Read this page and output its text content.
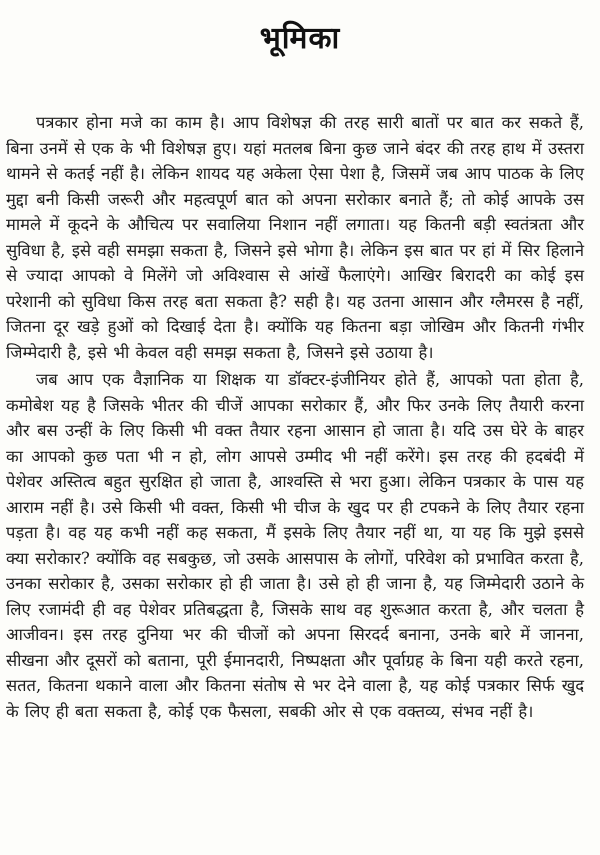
भूमिका

पत्रकार होना मजे का काम है। आप विशेषज्ञ की तरह सारी बातों पर बात कर सकते हैं, बिना उनमें से एक के भी विशेषज्ञ हुए। यहां मतलब बिना कुछ जाने बंदर की तरह हाथ में उस्तरा थामने से कतई नहीं है। लेकिन शायद यह अकेला ऐसा पेशा है, जिसमें जब आप पाठक के लिए मुद्दा बनी किसी जरूरी और महत्वपूर्ण बात को अपना सरोकार बनाते हैं; तो कोई आपके उस मामले में कूदने के औचित्य पर सवालिया निशान नहीं लगाता। यह कितनी बड़ी स्वतंत्रता और सुविधा है, इसे वही समझा सकता है, जिसने इसे भोगा है। लेकिन इस बात पर हां में सिर हिलाने से ज्यादा आपको वे मिलेंगे जो अविश्वास से आंखें फैलाएंगे। आखिर बिरादरी का कोई इस परेशानी को सुविधा किस तरह बता सकता है? सही है। यह उतना आसान और ग्लैमरस है नहीं, जितना दूर खड़े हुओं को दिखाई देता है। क्योंकि यह कितना बड़ा जोखिम और कितनी गंभीर जिम्मेदारी है, इसे भी केवल वही समझ सकता है, जिसने इसे उठाया है।

जब आप एक वैज्ञानिक या शिक्षक या डॉक्टर-इंजीनियर होते हैं, आपको पता होता है, कमोबेश यह है जिसके भीतर की चीजें आपका सरोकार हैं, और फिर उनके लिए तैयारी करना और बस उन्हीं के लिए किसी भी वक्त तैयार रहना आसान हो जाता है। यदि उस घेरे के बाहर का आपको कुछ पता भी न हो, लोग आपसे उम्मीद भी नहीं करेंगे। इस तरह की हदबंदी में पेशेवर अस्तित्व बहुत सुरक्षित हो जाता है, आश्वस्ति से भरा हुआ। लेकिन पत्रकार के पास यह आराम नहीं है। उसे किसी भी वक्त, किसी भी चीज के खुद पर ही टपकने के लिए तैयार रहना पड़ता है। वह यह कभी नहीं कह सकता, मैं इसके लिए तैयार नहीं था, या यह कि मुझे इससे क्या सरोकार? क्योंकि वह सबकुछ, जो उसके आसपास के लोगों, परिवेश को प्रभावित करता है, उनका सरोकार है, उसका सरोकार हो ही जाता है। उसे हो ही जाना है, यह जिम्मेदारी उठाने के लिए रजामंदी ही वह पेशेवर प्रतिबद्धता है, जिसके साथ वह शुरूआत करता है, और चलता है आजीवन। इस तरह दुनिया भर की चीजों को अपना सिरदर्द बनाना, उनके बारे में जानना, सीखना और दूसरों को बताना, पूरी ईमानदारी, निष्पक्षता और पूर्वाग्रह के बिना यही करते रहना, सतत, कितना थकाने वाला और कितना संतोष से भर देने वाला है, यह कोई पत्रकार सिर्फ खुद के लिए ही बता सकता है, कोई एक फैसला, सबकी ओर से एक वक्तव्य, संभव नहीं है।
